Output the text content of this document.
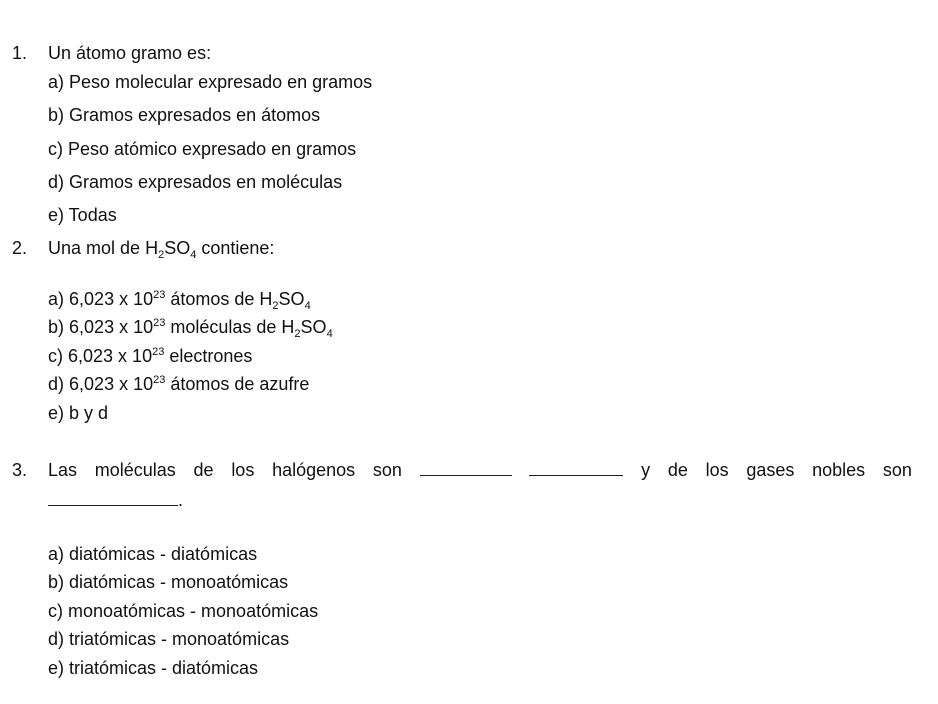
1. Un átomo gramo es:
a) Peso molecular expresado en gramos
b) Gramos expresados en átomos
c) Peso atómico expresado en gramos
d) Gramos expresados en moléculas
e) Todas
2. Una mol de $H_2SO_4$ contiene:
a) 6,023 x $10^{23}$ átomos de $H_2SO_4$
b) 6,023 x $10^{23}$ moléculas de $H_2SO_4$
c) 6,023 x $10^{23}$ electrones
d) 6,023 x $10^{23}$ átomos de azufre
e) b y d
3. Las moléculas de los halógenos son	y de los gases nobles son
.
a) diatómicas - diatómicas
b) diatómicas - monoatómicas
c) monoatómicas - monoatómicas
d) triatómicas - monoatómicas
e) triatómicas - diatómicas
